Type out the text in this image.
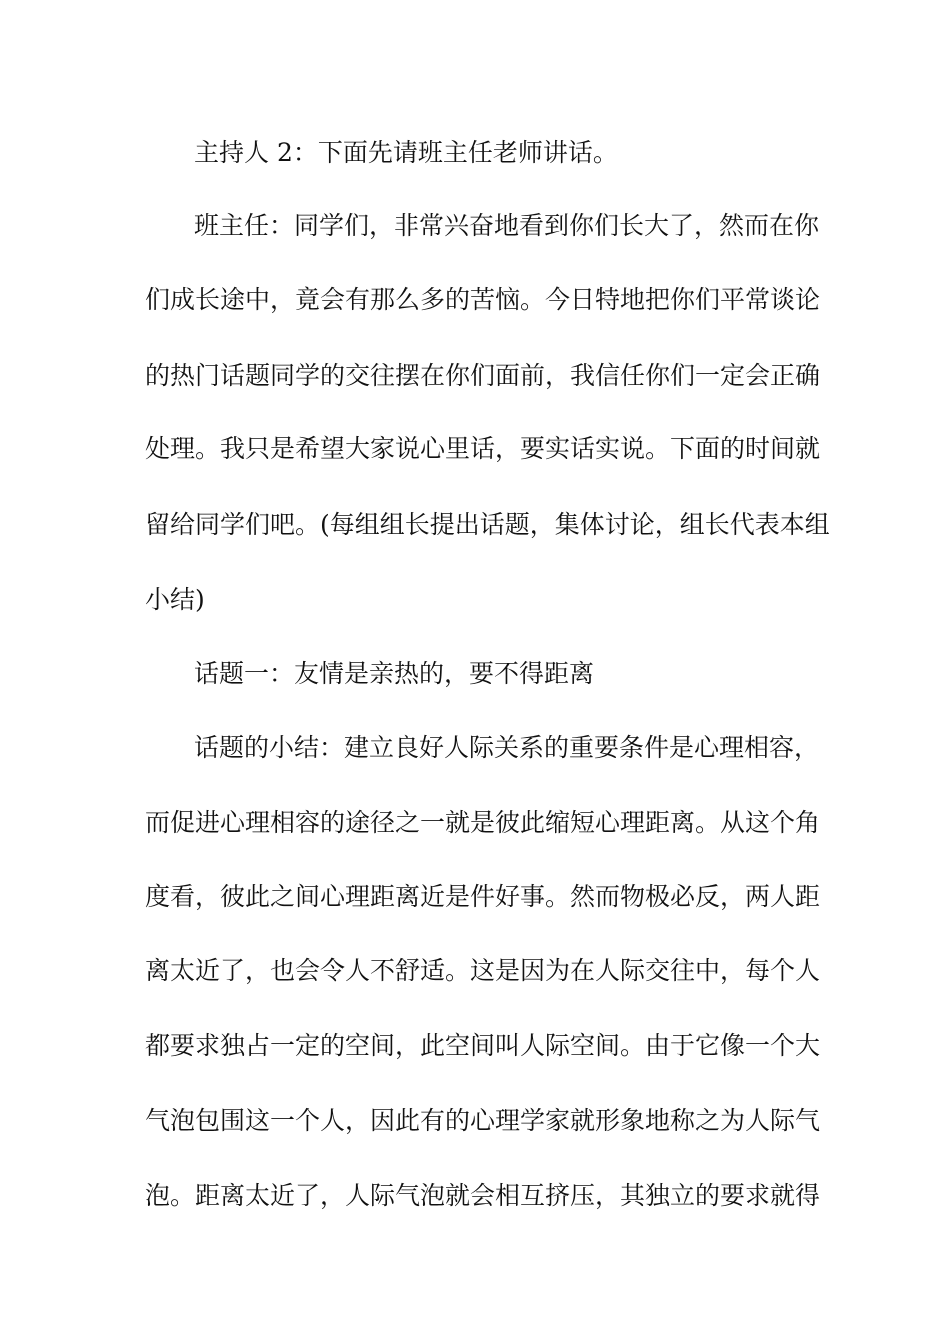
主持人 2：下面先请班主任老师讲话。
班主任：同学们，非常兴奋地看到你们长大了，然而在你
们成长途中，竟会有那么多的苦恼。今日特地把你们平常谈论
的热门话题同学的交往摆在你们面前，我信任你们一定会正确
处理。我只是希望大家说心里话，要实话实说。下面的时间就
留给同学们吧。(每组组长提出话题，集体讨论，组长代表本组
小结)
话题一：友情是亲热的，要不得距离
话题的小结：建立良好人际关系的重要条件是心理相容，
而促进心理相容的途径之一就是彼此缩短心理距离。从这个角
度看，彼此之间心理距离近是件好事。然而物极必反，两人距
离太近了，也会令人不舒适。这是因为在人际交往中，每个人
都要求独占一定的空间，此空间叫人际空间。由于它像一个大
气泡包围这一个人，因此有的心理学家就形象地称之为人际气
泡。距离太近了，人际气泡就会相互挤压，其独立的要求就得
